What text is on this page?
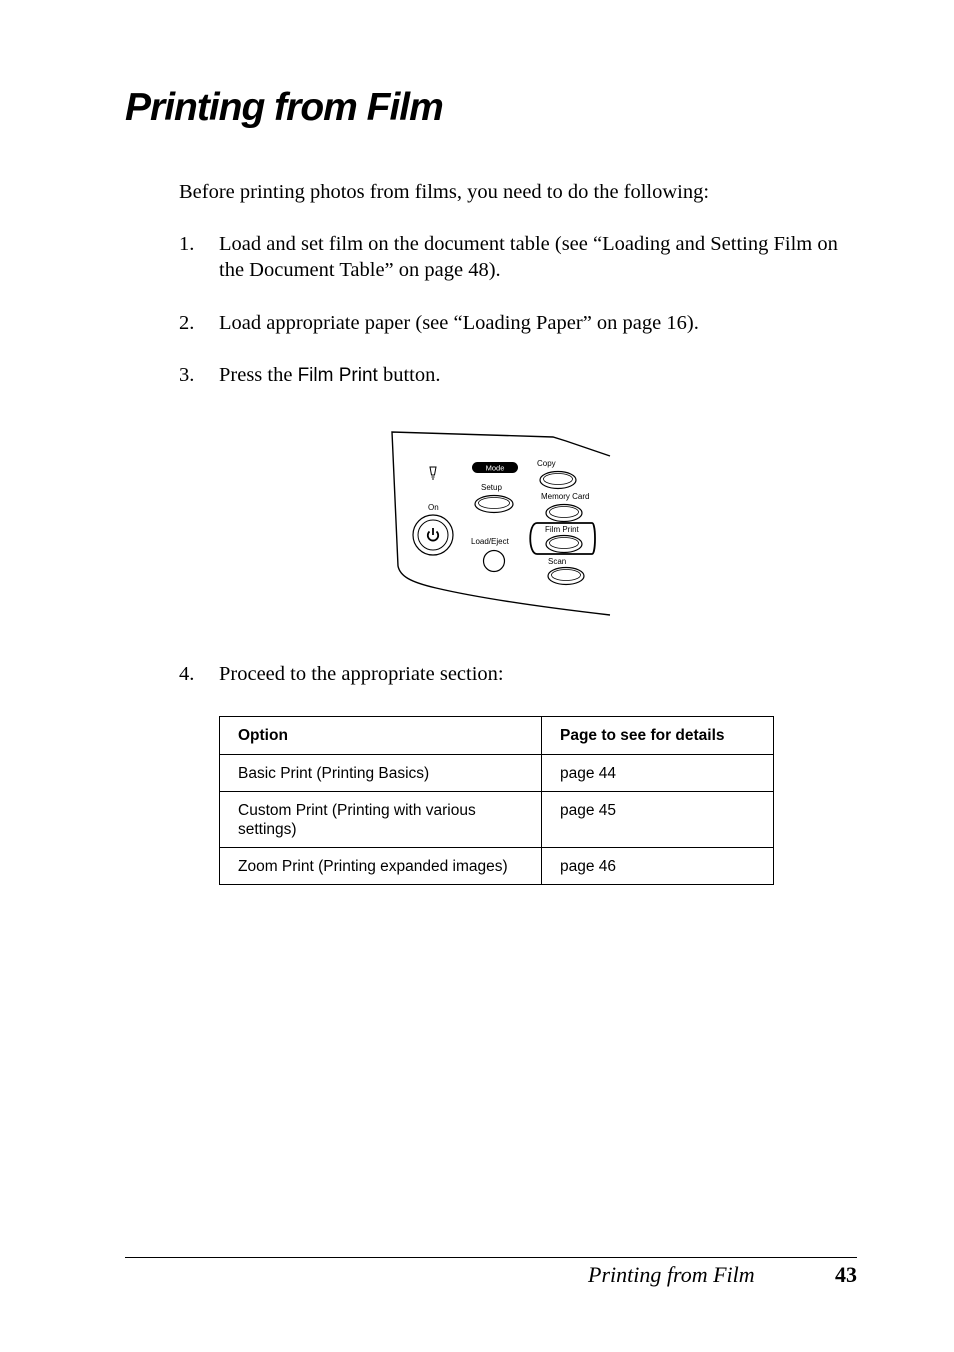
Printing from Film

Before printing photos from films, you need to do the following:

1. Load and set film on the document table (see “Loading and Setting Film on the Document Table” on page 48).
2. Load appropriate paper (see “Loading Paper” on page 16).
3. Press the Film Print button.
Mode	Copy
Setup
Memory Card
On
Film Print
Load/Eject
Scan
4. Proceed to the appropriate section:
Option	Page to see for details
Basic Print (Printing Basics)	page 44
Custom Print (Printing with various settings)	page 45
Zoom Print (Printing expanded images)	page 46
Printing from Film	43
